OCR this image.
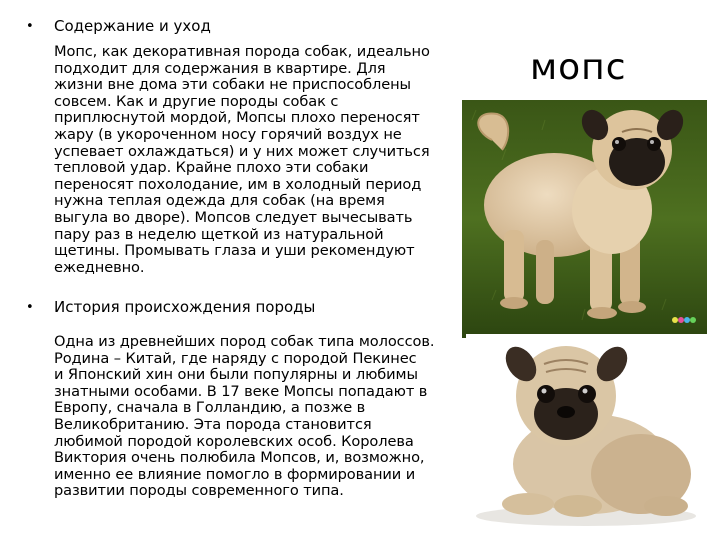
• Содержание и уход
Мопс, как декоративная порода собак, идеально
подходит для содержания в квартире. Для
жизни вне дома эти собаки не приспособлены
совсем. Как и другие породы собак с
приплюснутой мордой, Мопсы плохо переносят
жару (в укороченном носу горячий воздух не
успевает охлаждаться) и у них может случиться
тепловой удар. Крайне плохо эти собаки
переносят похолодание, им в холодный период
нужна теплая одежда для собак (на время
выгула во дворе). Мопсов следует вычесывать
пару раз в неделю щеткой из натуральной
щетины. Промывать глаза и уши рекомендуют
ежедневно.
• История происхождения породы
Одна из древнейших пород собак типа молоссов.
Родина – Китай, где наряду с породой Пекинес
и Японский хин они были популярны и любимы
знатными особами. В 17 веке Мопсы попадают в
Европу, сначала в Голландию, а позже в
Великобританию. Эта порода становится
любимой породой королевских особ. Королева
Виктория очень полюбила Мопсов, и, возможно,
именно ее влияние помогло в формировании и
развитии породы современного типа.
мопс
